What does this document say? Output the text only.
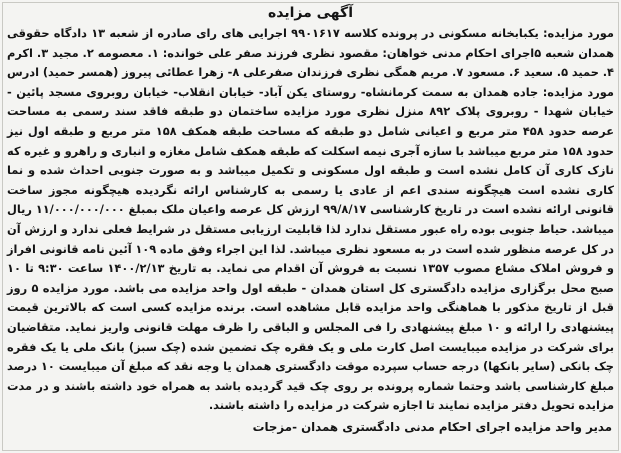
آگهی مزایده

مورد مزایده: یکبابخانه مسکونی در پرونده کلاسه ۹۹۰۱۶۱۷ اجرایی های رای صادره از شعبه ۱۳ دادگاه حقوقی همدان شعبه ۵اجرای احکام مدنی خواهان: مقصود نظری فرزند صفر علی خوانده: ۱. معصومه ۲. مجید ۳. اکرم ۴. حمید ۵. سعید ۶. مسعود ۷. مریم همگی نظری فرزندان صفرعلی ۸- زهرا عطائی پیروز (همسر حمید) ادرس مورد مزایده: جاده همدان به سمت کرمانشاه- روستای یکن آباد- خیابان انقلاب- خیابان روبروی مسجد پائین - خیابان شهدا - روبروی پلاک ۸۹۲ منزل نظری مورد مزایده ساختمان دو طبقه فاقد سند رسمی به مساحت عرصه حدود ۴۵۸ متر مربع و اعیانی شامل دو طبقه که مساحت طبقه همکف ۱۵۸ متر مربع و طبقه اول نیز حدود ۱۵۸ متر مربع میباشد با سازه آجری نیمه اسکلت که طبقه همکف شامل مغازه و انباری و راهرو و غیره که نازک کاری آن کامل نشده است و طبقه اول مسکونی و تکمیل میباشد و به صورت جنوبی احداث شده و نما کاری نشده است هیچگونه سندی اعم از عادی یا رسمی به کارشناس ارائه نگردیده هیچگونه مجوز ساخت قانونی ارائه نشده است در تاریخ کارشناسی ۹۹/۸/۱۷ ارزش کل عرصه واعیان ملک بمبلغ ۱۱/۰۰۰/۰۰۰/۰۰۰ ریال میباشد. حیاط جنوبی بوده راه عبور مستقل ندارد لذا قابلیت ارزیابی مستقل در شرایط فعلی ندارد و ارزش آن در کل عرصه منظور شده است در به مسعود نظری میباشد. لذا این اجراء وفق ماده ۱۰۹ آئین نامه قانونی افراز و فروش املاک مشاع مصوب ۱۳۵۷ نسبت به فروش آن اقدام می نماید. به تاریخ ۱۴۰۰/۲/۱۳ ساعت ۹:۳۰ تا ۱۰ صبح محل برگزاری مزایده دادگستری کل استان همدان - طبقه اول واحد مزایده می باشد. مورد مزایده ۵ روز قبل از تاریخ مذکور با هماهنگی واحد مزایده قابل مشاهده است. برنده مزایده کسی است که بالاترین قیمت پیشنهادی را ارائه و ۱۰ مبلغ پیشنهادی را فی المجلس و الباقی را ظرف مهلت قانونی واریز نماید. متقاضیان برای شرکت در مزایده میبایست اصل کارت ملی و یک فقره چک تضمین شده (چک سبز) بانک ملی یا یک فقره چک بانکی (سایر بانکها) درجه حساب سپرده موقت دادگستری همدان یا وجه نقد که مبلغ آن میبایست ۱۰ درصد مبلغ کارشناسی باشد وحتما شماره پرونده بر روی چک قید گردیده باشد به همراه خود داشته باشند و در مدت مزایده تحویل دفتر مزایده نمایند تا اجازه شرکت در مزایده را داشته باشند.

مدیر واحد مزایده اجرای احکام مدنی دادگستری همدان -مزجات
